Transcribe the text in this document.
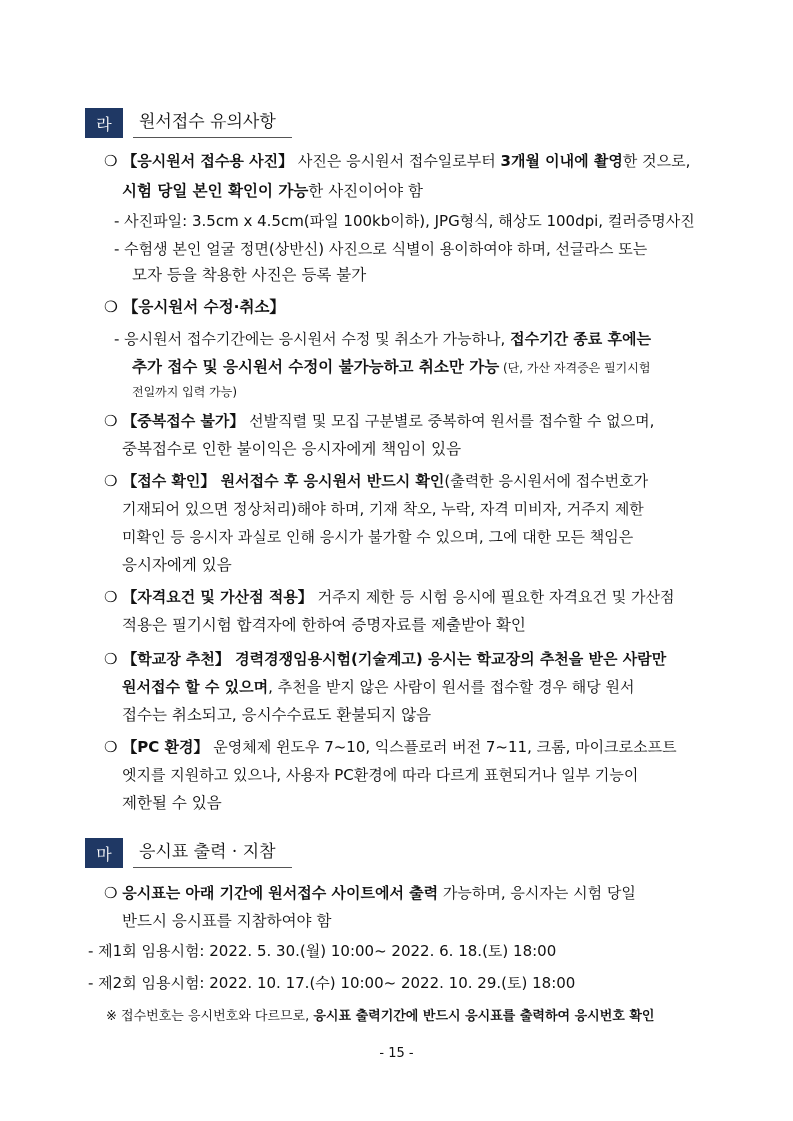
라	원서접수 유의사항
❍ 【응시원서 접수용 사진】 사진은 응시원서 접수일로부터 3개월 이내에 촬영한 것으로,
시험 당일 본인 확인이 가능한 사진이어야 함
- 사진파일: 3.5cm x 4.5cm(파일 100kb이하), JPG형식, 해상도 100dpi, 컬러증명사진
- 수험생 본인 얼굴 정면(상반신) 사진으로 식별이 용이하여야 하며, 선글라스 또는
모자 등을 착용한 사진은 등록 불가
❍ 【응시원서 수정·취소】
- 응시원서 접수기간에는 응시원서 수정 및 취소가 가능하나, 접수기간 종료 후에는
추가 접수 및 응시원서 수정이 불가능하고 취소만 가능 (단, 가산 자격증은 필기시험
전일까지 입력 가능)
❍ 【중복접수 불가】 선발직렬 및 모집 구분별로 중복하여 원서를 접수할 수 없으며,
중복접수로 인한 불이익은 응시자에게 책임이 있음
❍ 【접수 확인】 원서접수 후 응시원서 반드시 확인(출력한 응시원서에 접수번호가
기재되어 있으면 정상처리)해야 하며, 기재 착오, 누락, 자격 미비자, 거주지 제한
미확인 등 응시자 과실로 인해 응시가 불가할 수 있으며, 그에 대한 모든 책임은
응시자에게 있음
❍ 【자격요건 및 가산점 적용】 거주지 제한 등 시험 응시에 필요한 자격요건 및 가산점
적용은 필기시험 합격자에 한하여 증명자료를 제출받아 확인
❍ 【학교장 추천】 경력경쟁임용시험(기술계고) 응시는 학교장의 추천을 받은 사람만
원서접수 할 수 있으며, 추천을 받지 않은 사람이 원서를 접수할 경우 해당 원서
접수는 취소되고, 응시수수료도 환불되지 않음
❍ 【PC 환경】 운영체제 윈도우 7~10, 익스플로러 버전 7~11, 크롬, 마이크로소프트
엣지를 지원하고 있으나, 사용자 PC환경에 따라 다르게 표현되거나 일부 기능이
제한될 수 있음
마	응시표 출력 · 지참
❍ 응시표는 아래 기간에 원서접수 사이트에서 출력 가능하며, 응시자는 시험 당일
반드시 응시표를 지참하여야 함
- 제1회 임용시험: 2022. 5. 30.(월) 10:00~ 2022. 6. 18.(토) 18:00
- 제2회 임용시험: 2022. 10. 17.(수) 10:00~ 2022. 10. 29.(토) 18:00
※ 접수번호는 응시번호와 다르므로, 응시표 출력기간에 반드시 응시표를 출력하여 응시번호 확인
- 15 -
